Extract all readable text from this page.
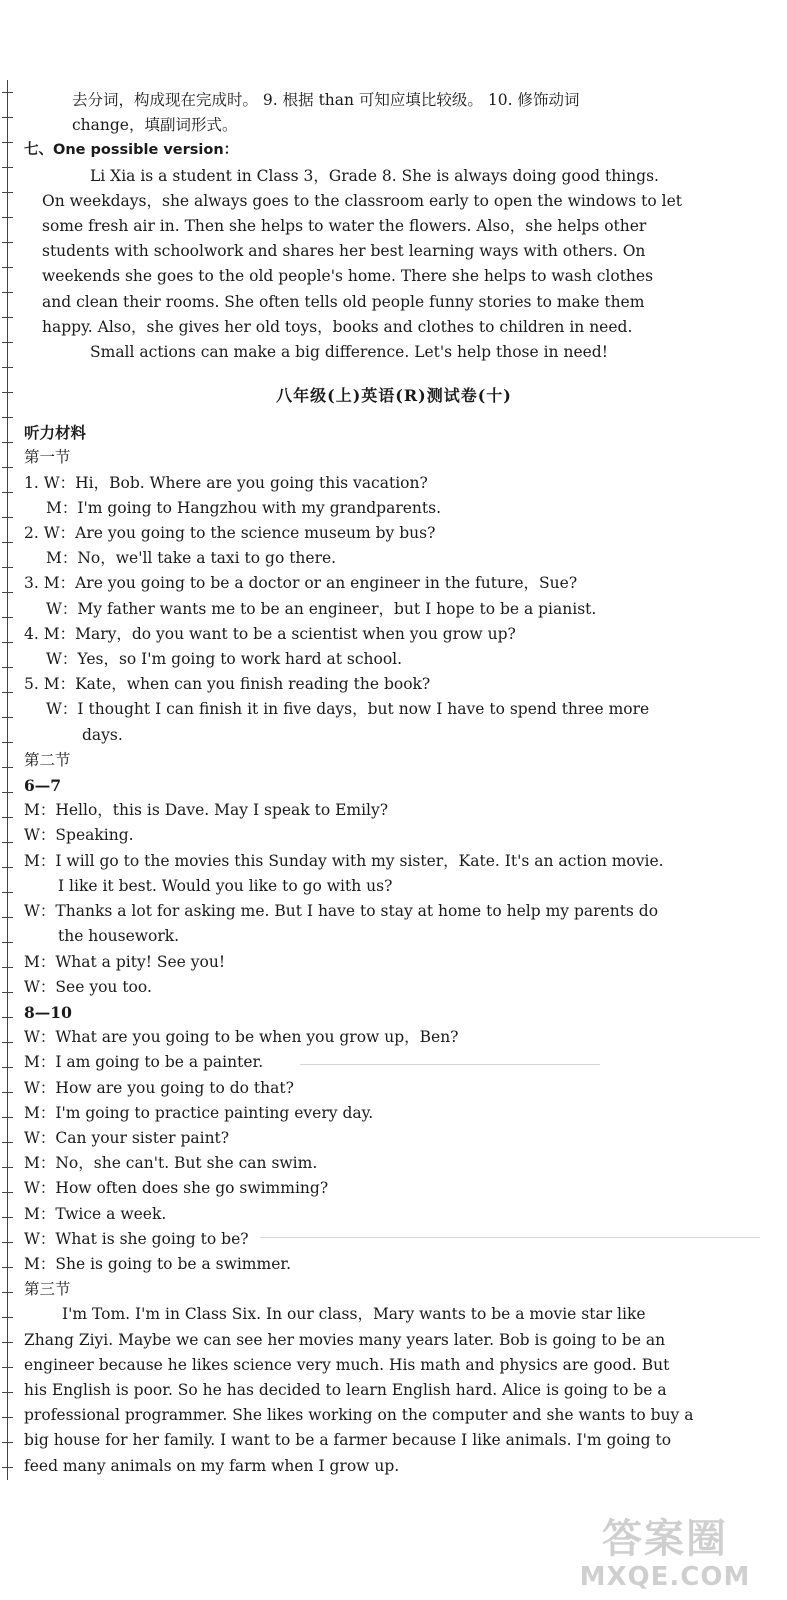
去分词，构成现在完成时。 9. 根据 than 可知应填比较级。 10. 修饰动词

change，填副词形式。

七、One possible version：

Li Xia is a student in Class 3，Grade 8. She is always doing good things.

On weekdays，she always goes to the classroom early to open the windows to let

some fresh air in. Then she helps to water the flowers. Also，she helps other

students with schoolwork and shares her best learning ways with others. On

weekends she goes to the old people's home. There she helps to wash clothes

and clean their rooms. She often tells old people funny stories to make them

happy. Also，she gives her old toys，books and clothes to children in need.

Small actions can make a big difference. Let's help those in need!

八年级(上)英语(R)测试卷(十)

听力材料

第一节

1. W：Hi，Bob. Where are you going this vacation?

M：I'm going to Hangzhou with my grandparents.

2. W：Are you going to the science museum by bus?

M：No，we'll take a taxi to go there.

3. M：Are you going to be a doctor or an engineer in the future，Sue?

W：My father wants me to be an engineer，but I hope to be a pianist.

4. M：Mary，do you want to be a scientist when you grow up?

W：Yes，so I'm going to work hard at school.

5. M：Kate，when can you finish reading the book?

W：I thought I can finish it in five days，but now I have to spend three more

days.

第二节

6—7

M：Hello，this is Dave. May I speak to Emily?

W：Speaking.

M：I will go to the movies this Sunday with my sister，Kate. It's an action movie.

I like it best. Would you like to go with us?

W：Thanks a lot for asking me. But I have to stay at home to help my parents do

the housework.

M：What a pity! See you!

W：See you too.

8—10

W：What are you going to be when you grow up，Ben?

M：I am going to be a painter.

W：How are you going to do that?

M：I'm going to practice painting every day.

W：Can your sister paint?

M：No，she can't. But she can swim.

W：How often does she go swimming?

M：Twice a week.

W：What is she going to be?

M：She is going to be a swimmer.

第三节

I'm Tom. I'm in Class Six. In our class，Mary wants to be a movie star like

Zhang Ziyi. Maybe we can see her movies many years later. Bob is going to be an

engineer because he likes science very much. His math and physics are good. But

his English is poor. So he has decided to learn English hard. Alice is going to be a

professional programmer. She likes working on the computer and she wants to buy a

big house for her family. I want to be a farmer because I like animals. I'm going to

feed many animals on my farm when I grow up.

答案圈
MXQE.COM
